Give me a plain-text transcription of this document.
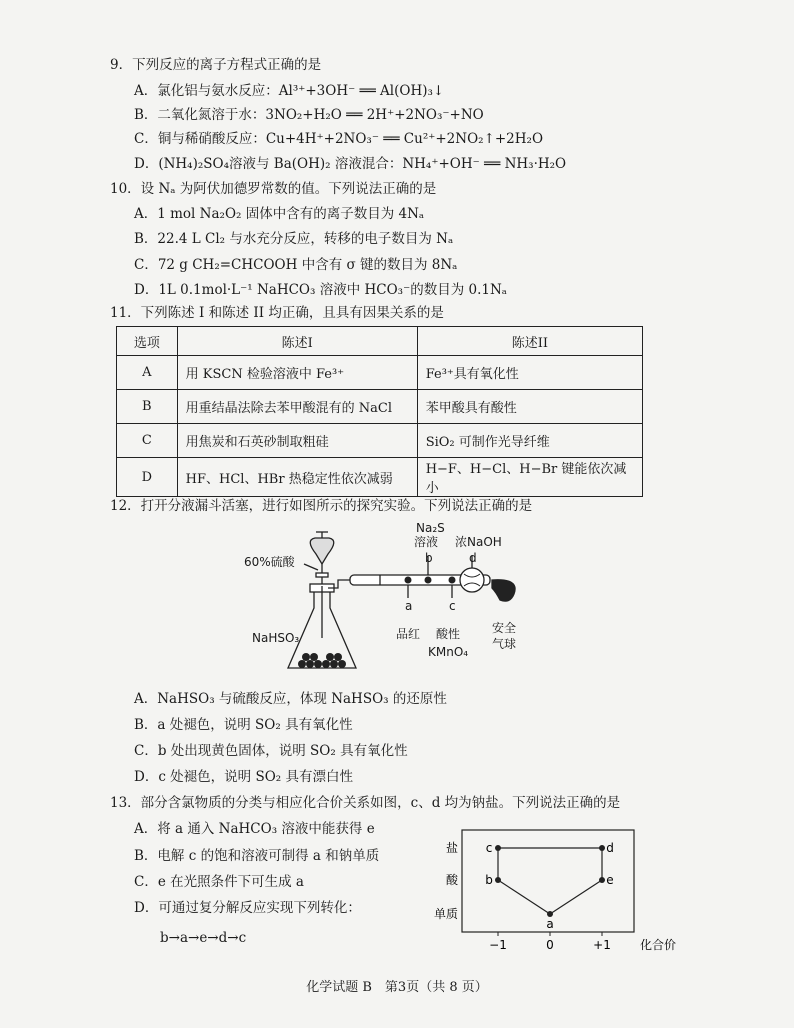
9．下列反应的离子方程式正确的是
A．氯化铝与氨水反应：Al³⁺+3OH⁻ ══ Al(OH)₃↓
B．二氧化氮溶于水：3NO₂+H₂O ══ 2H⁺+2NO₃⁻+NO
C．铜与稀硝酸反应：Cu+4H⁺+2NO₃⁻ ══ Cu²⁺+2NO₂↑+2H₂O
D．(NH₄)₂SO₄溶液与 Ba(OH)₂ 溶液混合：NH₄⁺+OH⁻ ══ NH₃·H₂O
10．设 Nₐ 为阿伏加德罗常数的值。下列说法正确的是
A．1 mol Na₂O₂ 固体中含有的离子数目为 4Nₐ
B．22.4 L Cl₂ 与水充分反应，转移的电子数目为 Nₐ
C．72 g CH₂=CHCOOH 中含有 σ 键的数目为 8Nₐ
D．1L 0.1mol·L⁻¹ NaHCO₃ 溶液中 HCO₃⁻的数目为 0.1Nₐ
11．下列陈述 I 和陈述 II 均正确，且具有因果关系的是
选项	陈述I	陈述II
A	用 KSCN 检验溶液中 Fe³⁺	Fe³⁺具有氧化性
B	用重结晶法除去苯甲酸混有的 NaCl	苯甲酸具有酸性
C	用焦炭和石英砂制取粗硅	SiO₂ 可制作光导纤维
D	HF、HCl、HBr 热稳定性依次减弱	H−F、H−Cl、H−Br 键能依次减小
12．打开分液漏斗活塞，进行如图所示的探究实验。下列说法正确的是
60%硫酸
NaHSO₃
Na₂S
溶液 浓NaOH
b	d
a	c
品红 酸性
KMnO₄
安全
气球
A．NaHSO₃ 与硫酸反应，体现 NaHSO₃ 的还原性
B．a 处褪色，说明 SO₂ 具有氧化性
C．b 处出现黄色固体，说明 SO₂ 具有氧化性
D．c 处褪色，说明 SO₂ 具有漂白性
13．部分含氯物质的分类与相应化合价关系如图，c、d 均为钠盐。下列说法正确的是
A．将 a 通入 NaHCO₃ 溶液中能获得 e
B．电解 c 的饱和溶液可制得 a 和钠单质
C．e 在光照条件下可生成 a
D．可通过复分解反应实现下列转化：
b→a→e→d→c
盐
酸
单质
−1	0	+1 化合价
c	d
b	e
a
化学试题 B　第3页（共 8 页）
